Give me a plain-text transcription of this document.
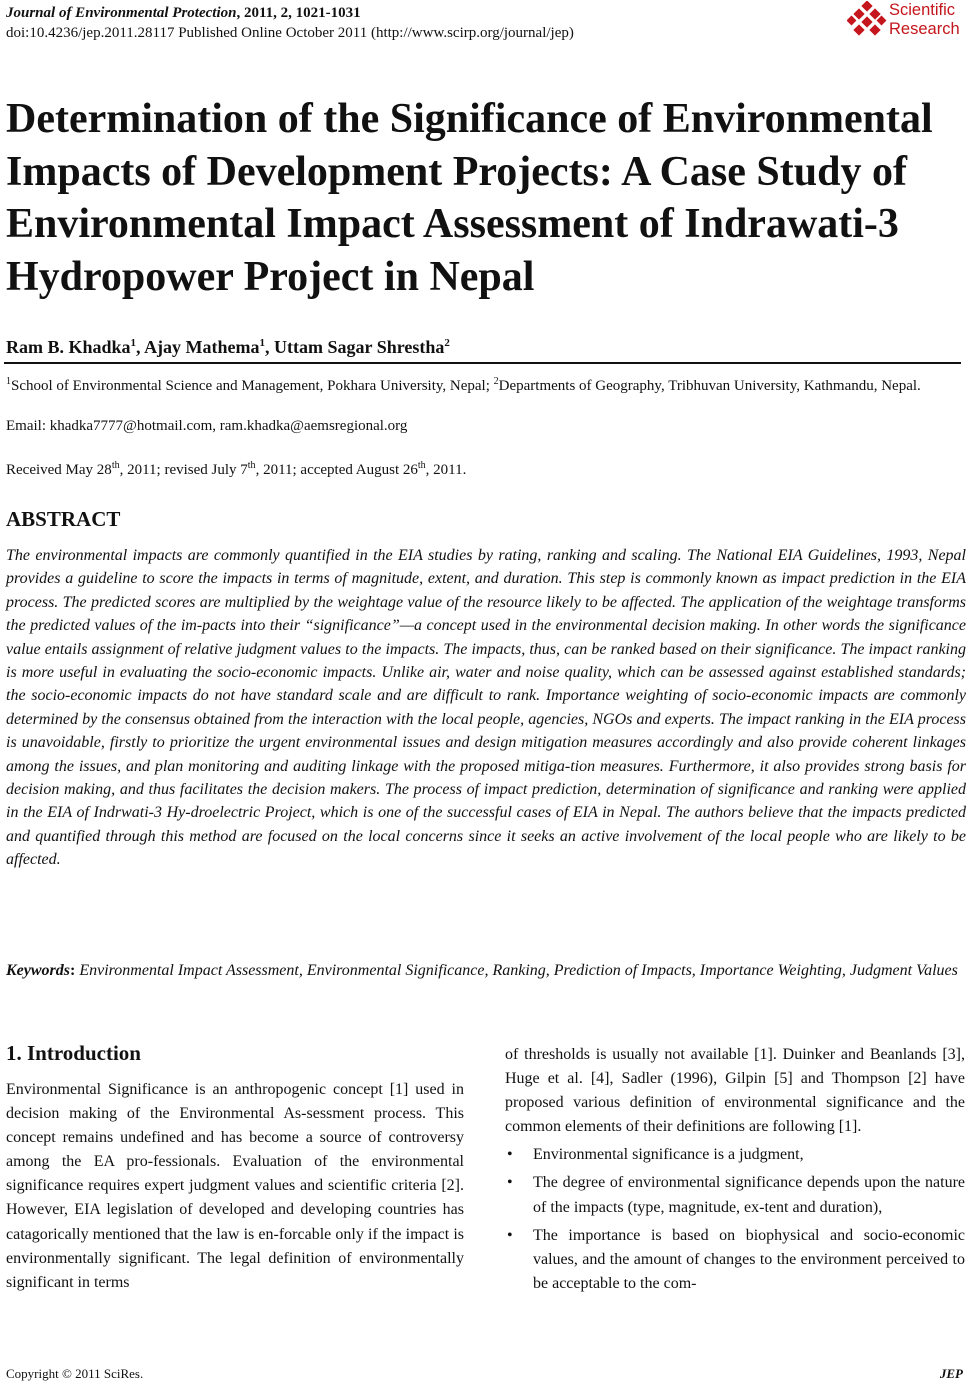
Journal of Environmental Protection, 2011, 2, 1021-1031
doi:10.4236/jep.2011.28117 Published Online October 2011 (http://www.scirp.org/journal/jep)
Scientific
Research
Determination of the Significance of Environmental Impacts of Development Projects: A Case Study of Environmental Impact Assessment of Indrawati-3 Hydropower Project in Nepal
Ram B. Khadka$^1$, Ajay Mathema$^1$, Uttam Sagar Shrestha$^2$
$^1$School of Environmental Science and Management, Pokhara University, Nepal; $^2$Departments of Geography, Tribhuvan University, Kathmandu, Nepal.
Email: khadka7777@hotmail.com, ram.khadka@aemsregional.org
Received May 28th, 2011; revised July 7th, 2011; accepted August 26th, 2011.
ABSTRACT

The environmental impacts are commonly quantified in the EIA studies by rating, ranking and scaling. The National EIA Guidelines, 1993, Nepal provides a guideline to score the impacts in terms of magnitude, extent, and duration. This step is commonly known as impact prediction in the EIA process. The predicted scores are multiplied by the weightage value of the resource likely to be affected. The application of the weightage transforms the predicted values of the im-pacts into their “significance”—a concept used in the environmental decision making. In other words the significance value entails assignment of relative judgment values to the impacts. The impacts, thus, can be ranked based on their significance. The impact ranking is more useful in evaluating the socio-economic impacts. Unlike air, water and noise quality, which can be assessed against established standards; the socio-economic impacts do not have standard scale and are difficult to rank. Importance weighting of socio-economic impacts are commonly determined by the consensus obtained from the interaction with the local people, agencies, NGOs and experts. The impact ranking in the EIA process is unavoidable, firstly to prioritize the urgent environmental issues and design mitigation measures accordingly and also provide coherent linkages among the issues, and plan monitoring and auditing linkage with the proposed mitiga-tion measures. Furthermore, it also provides strong basis for decision making, and thus facilitates the decision makers. The process of impact prediction, determination of significance and ranking were applied in the EIA of Indrwati-3 Hy-droelectric Project, which is one of the successful cases of EIA in Nepal. The authors believe that the impacts predicted and quantified through this method are focused on the local concerns since it seeks an active involvement of the local people who are likely to be affected.

Keywords: Environmental Impact Assessment, Environmental Significance, Ranking, Prediction of Impacts, Importance Weighting, Judgment Values

1. Introduction

Environmental Significance is an anthropogenic concept [1] used in decision making of the Environmental As-sessment process. This concept remains undefined and has become a source of controversy among the EA pro-fessionals. Evaluation of the environmental significance requires expert judgment values and scientific criteria [2]. However, EIA legislation of developed and developing countries has catagorically mentioned that the law is en-forcable only if the impact is environmentally significant. The legal definition of environmentally significant in terms

of thresholds is usually not available [1]. Duinker and Beanlands [3], Huge et al. [4], Sadler (1996), Gilpin [5] and Thompson [2] have proposed various definition of environmental significance and the common elements of their definitions are following [1].

• Environmental significance is a judgment,
• The degree of environmental significance depends upon the nature of the impacts (type, magnitude, ex-tent and duration),
• The importance is based on biophysical and socio-economic values, and the amount of changes to the environment perceived to be acceptable to the com-
Copyright © 2011 SciRes.	JEP
